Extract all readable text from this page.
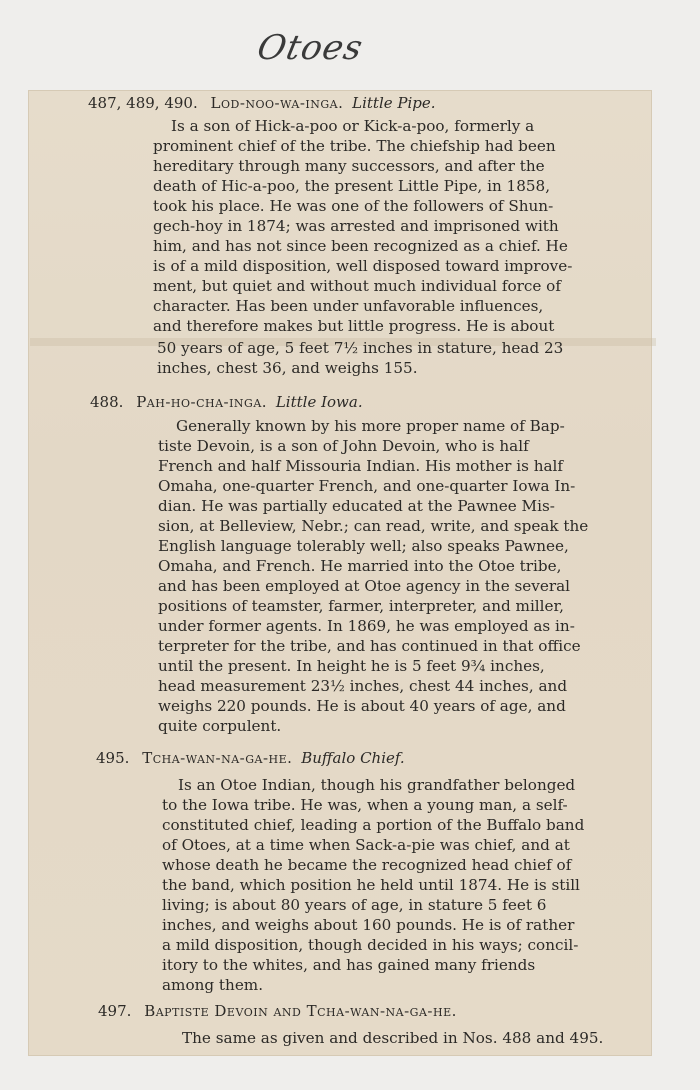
Otoes
487, 489, 490. Lod-noo-wa-inga. Little Pipe.
Is a son of Hick-a-poo or Kick-a-poo, formerly a
prominent chief of the tribe. The chiefship had been
hereditary through many successors, and after the
death of Hic-a-poo, the present Little Pipe, in 1858,
took his place. He was one of the followers of Shun-
gech-hoy in 1874; was arrested and imprisoned with
him, and has not since been recognized as a chief. He
is of a mild disposition, well disposed toward improve-
ment, but quiet and without much individual force of
character. Has been under unfavorable influences,
and therefore makes but little progress. He is about
50 years of age, 5 feet 7½ inches in stature, head 23
inches, chest 36, and weighs 155.
488. Pah-ho-cha-inga. Little Iowa.
Generally known by his more proper name of Bap-
tiste Devoin, is a son of John Devoin, who is half
French and half Missouria Indian. His mother is half
Omaha, one-quarter French, and one-quarter Iowa In-
dian. He was partially educated at the Pawnee Mis-
sion, at Belleview, Nebr.; can read, write, and speak the
English language tolerably well; also speaks Pawnee,
Omaha, and French. He married into the Otoe tribe,
and has been employed at Otoe agency in the several
positions of teamster, farmer, interpreter, and miller,
under former agents. In 1869, he was employed as in-
terpreter for the tribe, and has continued in that office
until the present. In height he is 5 feet 9¾ inches,
head measurement 23½ inches, chest 44 inches, and
weighs 220 pounds. He is about 40 years of age, and
quite corpulent.
495. Tcha-wan-na-ga-he. Buffalo Chief.
Is an Otoe Indian, though his grandfather belonged
to the Iowa tribe. He was, when a young man, a self-
constituted chief, leading a portion of the Buffalo band
of Otoes, at a time when Sack-a-pie was chief, and at
whose death he became the recognized head chief of
the band, which position he held until 1874. He is still
living; is about 80 years of age, in stature 5 feet 6
inches, and weighs about 160 pounds. He is of rather
a mild disposition, though decided in his ways; concil-
itory to the whites, and has gained many friends
among them.
497. Baptiste Devoin and Tcha-wan-na-ga-he.
The same as given and described in Nos. 488 and 495.
